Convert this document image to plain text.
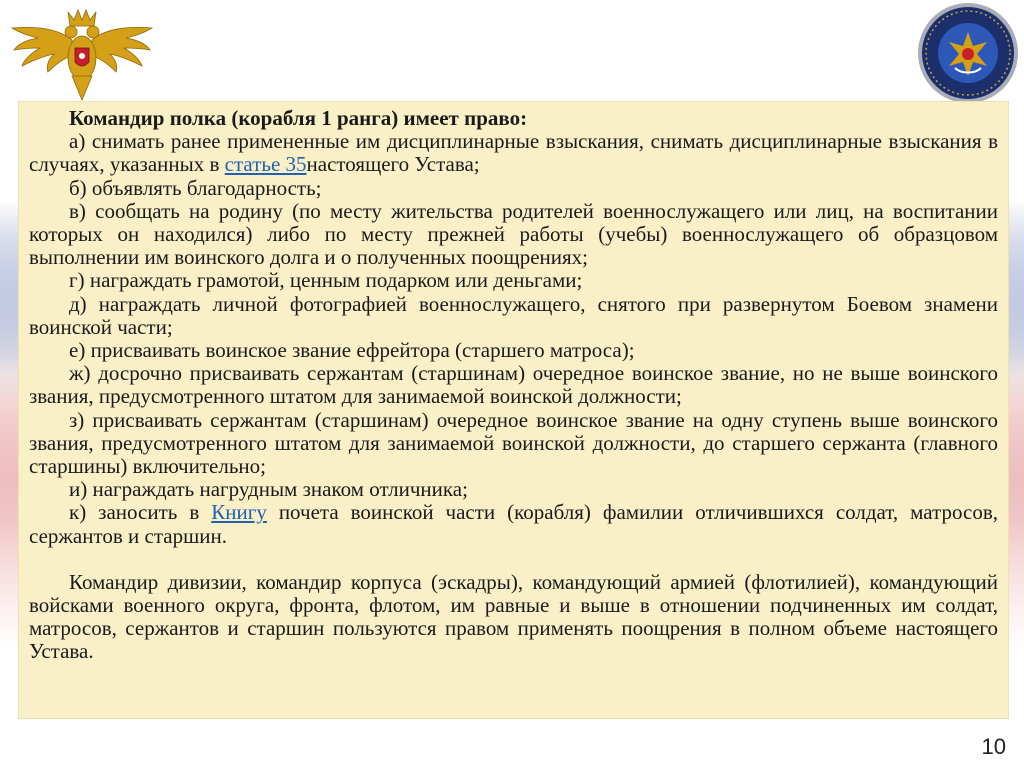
Командир полка (корабля 1 ранга) имеет право:

а) снимать ранее примененные им дисциплинарные взыскания, снимать дисциплинарные взыскания в случаях, указанных в статье 35настоящего Устава;

б) объявлять благодарность;

в) сообщать на родину (по месту жительства родителей военнослужащего или лиц, на воспитании которых он находился) либо по месту прежней работы (учебы) военнослужащего об образцовом выполнении им воинского долга и о полученных поощрениях;

г) награждать грамотой, ценным подарком или деньгами;

д) награждать личной фотографией военнослужащего, снятого при развернутом Боевом знамени воинской части;

е) присваивать воинское звание ефрейтора (старшего матроса);

ж) досрочно присваивать сержантам (старшинам) очередное воинское звание, но не выше воинского звания, предусмотренного штатом для занимаемой воинской должности;

з) присваивать сержантам (старшинам) очередное воинское звание на одну ступень выше воинского звания, предусмотренного штатом для занимаемой воинской должности, до старшего сержанта (главного старшины) включительно;

и) награждать нагрудным знаком отличника;

к) заносить в Книгу почета воинской части (корабля) фамилии отличившихся солдат, матросов, сержантов и старшин.

Командир дивизии, командир корпуса (эскадры), командующий армией (флотилией), командующий войсками военного округа, фронта, флотом, им равные и выше в отношении подчиненных им солдат, матросов, сержантов и старшин пользуются правом применять поощрения в полном объеме настоящего Устава.

10
